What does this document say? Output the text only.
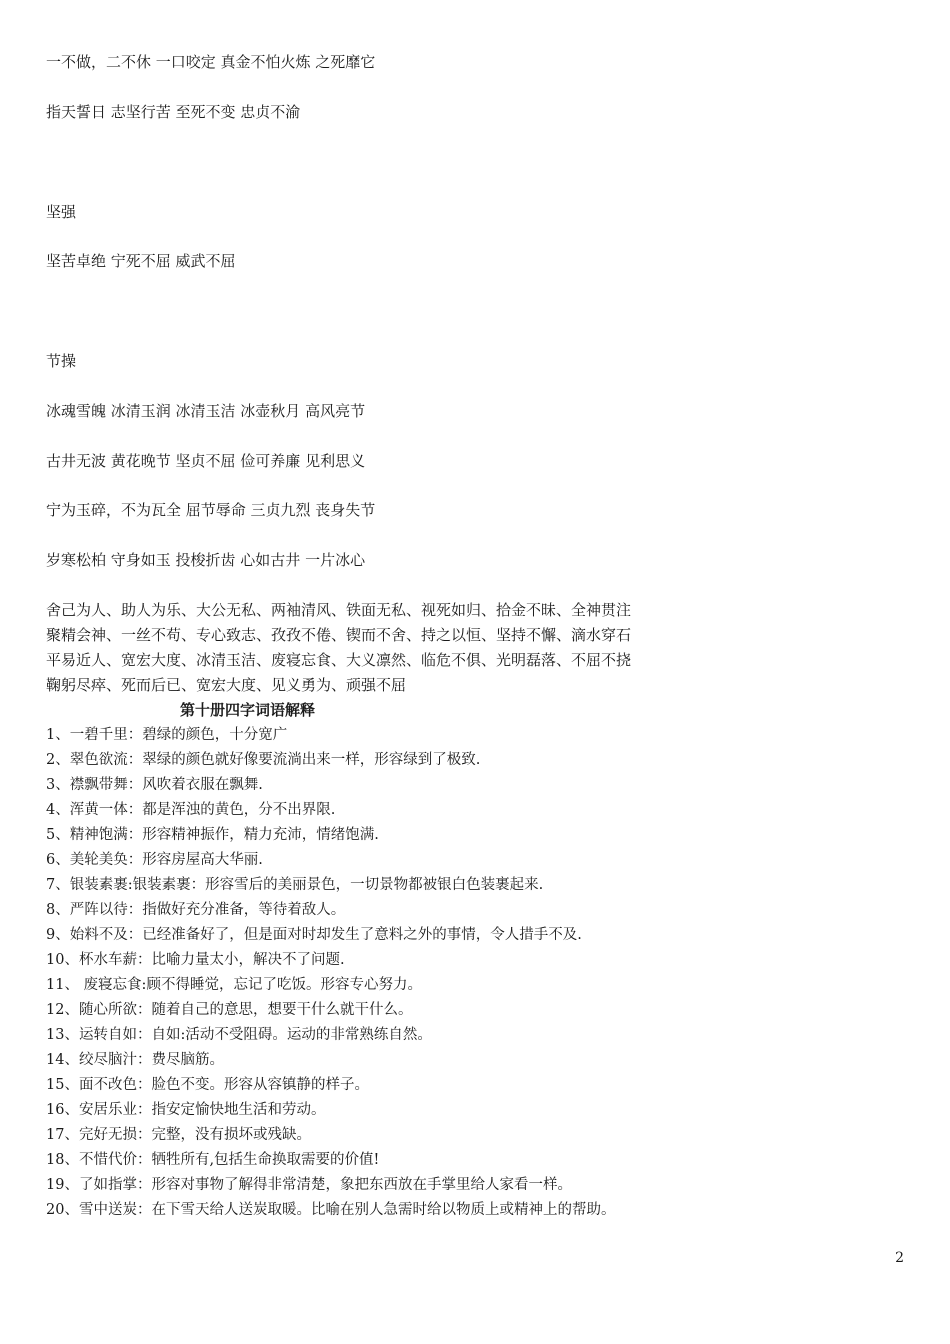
一不做，二不休 一口咬定 真金不怕火炼 之死靡它
指天誓日 志坚行苦 至死不变 忠贞不渝
坚强
坚苦卓绝 宁死不屈 威武不屈
节操
冰魂雪魄 冰清玉润 冰清玉洁 冰壶秋月 高风亮节
古井无波 黄花晚节 坚贞不屈 俭可养廉 见利思义
宁为玉碎，不为瓦全 屈节辱命 三贞九烈 丧身失节
岁寒松柏 守身如玉 投梭折齿 心如古井 一片冰心
舍己为人、助人为乐、大公无私、两袖清风、铁面无私、视死如归、拾金不昧、全神贯注
聚精会神、一丝不苟、专心致志、孜孜不倦、锲而不舍、持之以恒、坚持不懈、滴水穿石
平易近人、宽宏大度、冰清玉洁、废寝忘食、大义凛然、临危不俱、光明磊落、不屈不挠
鞠躬尽瘁、死而后已、宽宏大度、见义勇为、顽强不屈
第十册四字词语解释
1、一碧千里：碧绿的颜色，十分宽广
2、翠色欲流：翠绿的颜色就好像要流淌出来一样，形容绿到了极致.
3、襟飘带舞：风吹着衣服在飘舞.
4、浑黄一体：都是浑浊的黄色，分不出界限.
5、精神饱满：形容精神振作，精力充沛，情绪饱满.
6、美轮美奂：形容房屋高大华丽.
7、银装素裹:银装素裹：形容雪后的美丽景色，一切景物都被银白色装裹起来.
8、严阵以待：指做好充分准备，等待着敌人。
9、始料不及：已经准备好了，但是面对时却发生了意料之外的事情，令人措手不及.
10、杯水车薪：比喻力量太小，解决不了问题.
11、 废寝忘食:顾不得睡觉，忘记了吃饭。形容专心努力。
12、随心所欲：随着自己的意思，想要干什么就干什么。
13、运转自如：自如:活动不受阻碍。运动的非常熟练自然。
14、绞尽脑汁：费尽脑筋。
15、面不改色：脸色不变。形容从容镇静的样子。
16、安居乐业：指安定愉快地生活和劳动。
17、完好无损：完整，没有损坏或残缺。
18、不惜代价：牺牲所有,包括生命换取需要的价值!
19、了如指掌：形容对事物了解得非常清楚，象把东西放在手掌里给人家看一样。
20、雪中送炭：在下雪天给人送炭取暖。比喻在别人急需时给以物质上或精神上的帮助。
2
